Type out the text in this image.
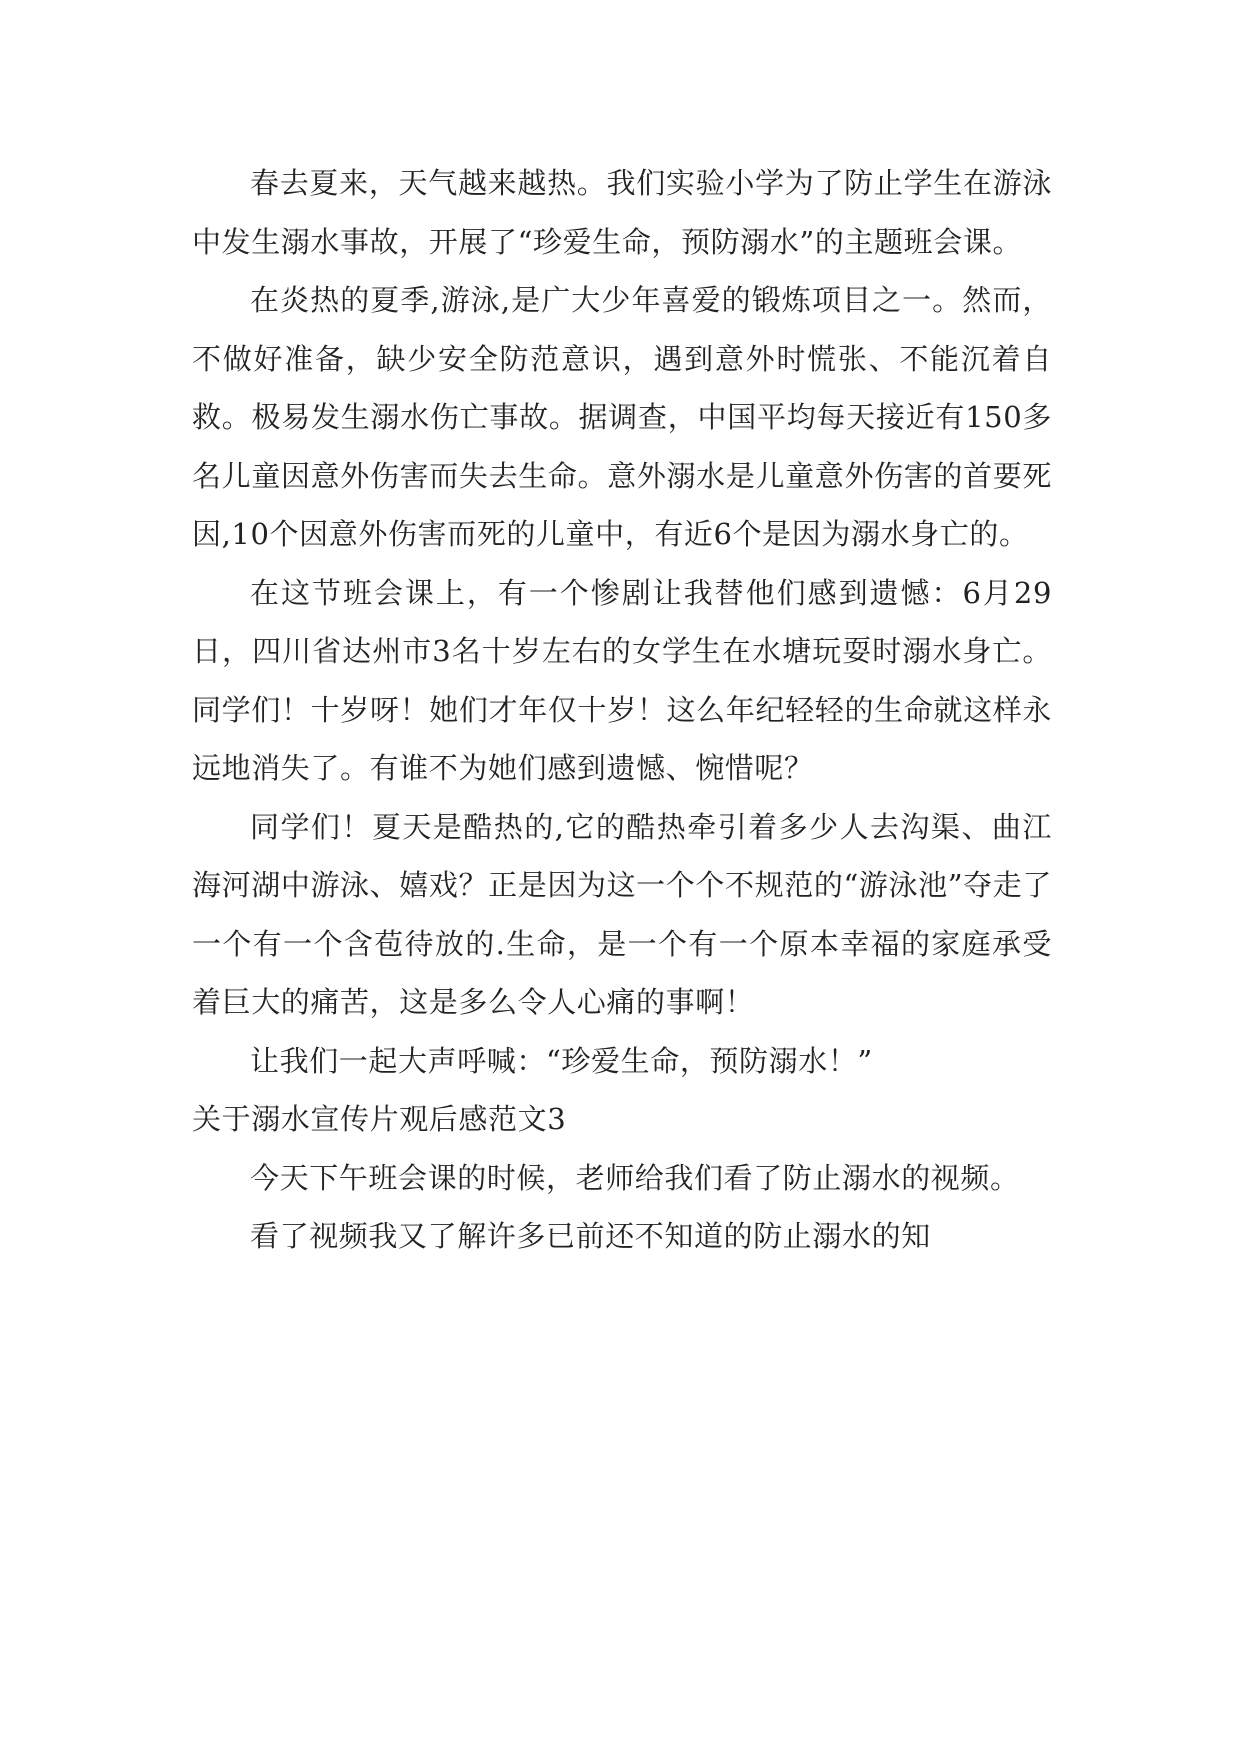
春去夏来，天气越来越热。我们实验小学为了防止学生在游泳中发生溺水事故，开展了“珍爱生命，预防溺水”的主题班会课。

在炎热的夏季,游泳,是广大少年喜爱的锻炼项目之一。然而，不做好准备，缺少安全防范意识，遇到意外时慌张、不能沉着自救。极易发生溺水伤亡事故。据调查，中国平均每天接近有150多名儿童因意外伤害而失去生命。意外溺水是儿童意外伤害的首要死因,10个因意外伤害而死的儿童中，有近6个是因为溺水身亡的。

在这节班会课上，有一个惨剧让我替他们感到遗憾：6月29日，四川省达州市3名十岁左右的女学生在水塘玩耍时溺水身亡。同学们！十岁呀！她们才年仅十岁！这么年纪轻轻的生命就这样永远地消失了。有谁不为她们感到遗憾、惋惜呢？

同学们！夏天是酷热的,它的酷热牵引着多少人去沟渠、曲江海河湖中游泳、嬉戏？正是因为这一个个不规范的“游泳池”夺走了一个有一个含苞待放的.生命，是一个有一个原本幸福的家庭承受着巨大的痛苦，这是多么令人心痛的事啊！

让我们一起大声呼喊：“珍爱生命，预防溺水！”

关于溺水宣传片观后感范文3

今天下午班会课的时候，老师给我们看了防止溺水的视频。

看了视频我又了解许多已前还不知道的防止溺水的知
